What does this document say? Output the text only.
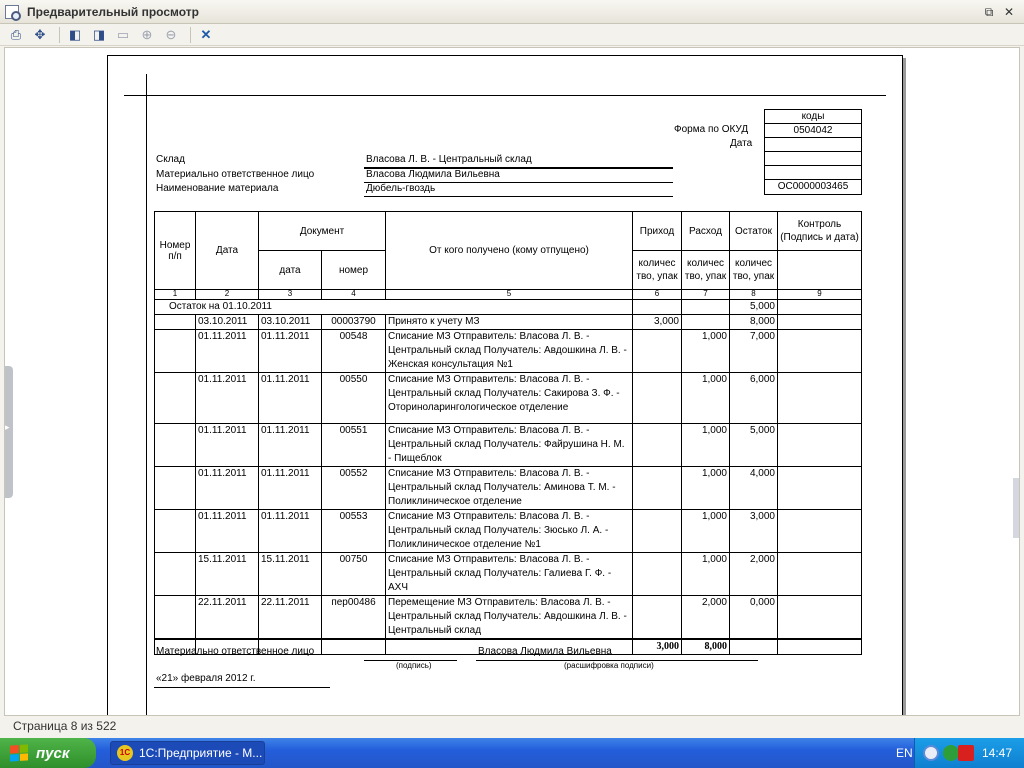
Предварительный просмотр	⧉ ✕
⎙	✥	◧ ◨ ▭ ⊕	⊖	✕
▸
коды
0504042
ОС0000003465
Форма по ОКУД
Дата
Склад	Власова Л. В. - Центральный склад
Материально ответственное лицо	Власова Людмила Вильевна
Наименование материала	Дюбель-гвоздь
Номер п/п	Дата	Документ		От кого получено (кому отпущено)	Приход	Расход	Остаток	Контроль (Подпись и дата)
		дата	номер		количес тво, упак	количес тво, упак	количес тво, упак	
1	2	3	4	5	6	7	8	9
Остаток на 01.10.2011							5,000	
	03.10.2011	03.10.2011	00003790	Принято к учету МЗ	3,000		8,000	
	01.11.2011	01.11.2011	00548	Списание МЗ Отправитель: Власова Л. В. - Центральный склад Получатель: Авдошкина Л. В. - Женская консультация №1		1,000	7,000	
	01.11.2011	01.11.2011	00550	Списание МЗ Отправитель: Власова Л. В. - Центральный склад Получатель: Сакирова З. Ф. - Оториноларингологическое отделение		1,000	6,000	
	01.11.2011	01.11.2011	00551	Списание МЗ Отправитель: Власова Л. В. - Центральный склад Получатель: Файрушина Н. М. - Пищеблок		1,000	5,000	
	01.11.2011	01.11.2011	00552	Списание МЗ Отправитель: Власова Л. В. - Центральный склад Получатель: Аминова Т. М. - Поликлиническое отделение		1,000	4,000	
	01.11.2011	01.11.2011	00553	Списание МЗ Отправитель: Власова Л. В. - Центральный склад Получатель: Зюсько Л. А. - Поликлиническое отделение №1		1,000	3,000	
	15.11.2011	15.11.2011	00750	Списание МЗ Отправитель: Власова Л. В. - Центральный склад Получатель: Галиева Г. Ф. - АХЧ		1,000	2,000	
	22.11.2011	22.11.2011	пер00486	Перемещение МЗ Отправитель: Власова Л. В. - Центральный склад Получатель: Авдошкина Л. В. - Центральный склад		2,000	0,000	
					3,000	8,000		
Материально ответственное лицо
(подпись)
Власова Людмила Вильевна
(расшифровка подписи)
«21» февраля 2012 г.
Страница 8 из 522
пуск	1С 1С:Предприятие - М...	EN	14:47
